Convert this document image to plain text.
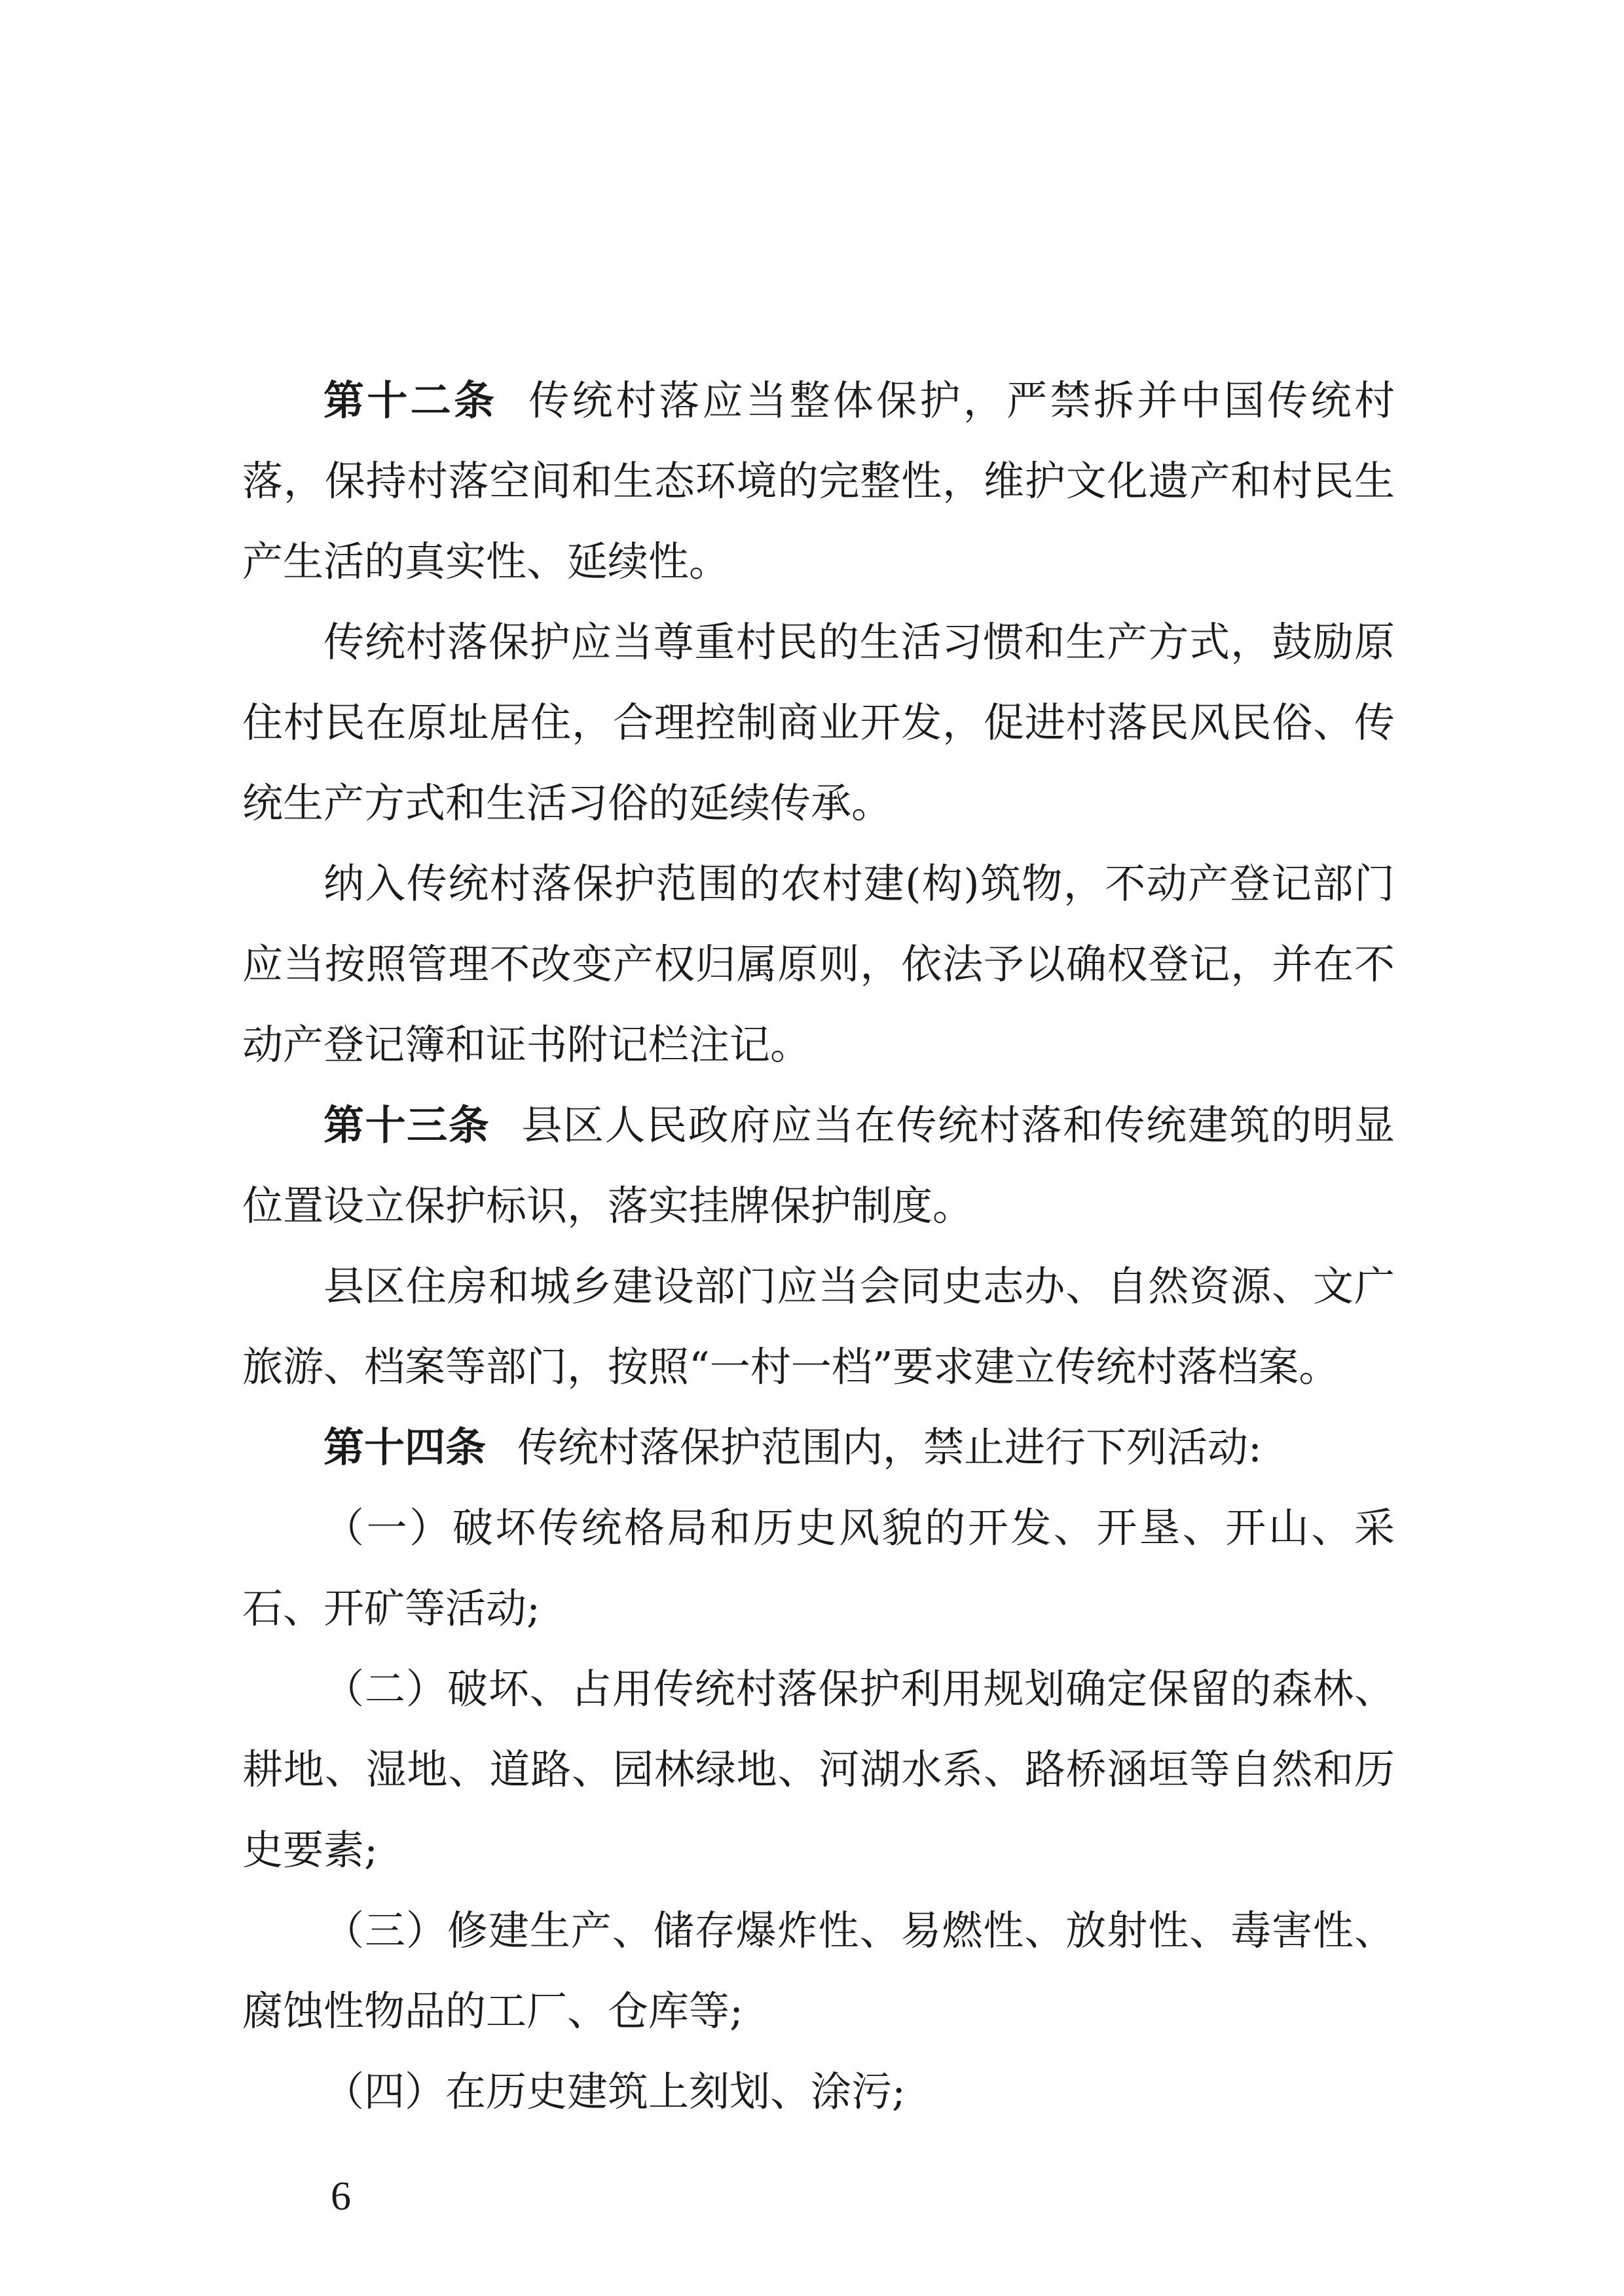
第十二条 传统村落应当整体保护，严禁拆并中国传统村落，保持村落空间和生态环境的完整性，维护文化遗产和村民生产生活的真实性、延续性。

传统村落保护应当尊重村民的生活习惯和生产方式，鼓励原住村民在原址居住，合理控制商业开发，促进村落民风民俗、传统生产方式和生活习俗的延续传承。

纳入传统村落保护范围的农村建(构)筑物，不动产登记部门应当按照管理不改变产权归属原则，依法予以确权登记，并在不动产登记簿和证书附记栏注记。

第十三条 县区人民政府应当在传统村落和传统建筑的明显位置设立保护标识，落实挂牌保护制度。

县区住房和城乡建设部门应当会同史志办、自然资源、文广旅游、档案等部门，按照“一村一档”要求建立传统村落档案。

第十四条 传统村落保护范围内，禁止进行下列活动:

（一）破坏传统格局和历史风貌的开发、开垦、开山、采石、开矿等活动;

（二）破坏、占用传统村落保护利用规划确定保留的森林、耕地、湿地、道路、园林绿地、河湖水系、路桥涵垣等自然和历史要素;

（三）修建生产、储存爆炸性、易燃性、放射性、毒害性、腐蚀性物品的工厂、仓库等;

（四）在历史建筑上刻划、涂污;

6
